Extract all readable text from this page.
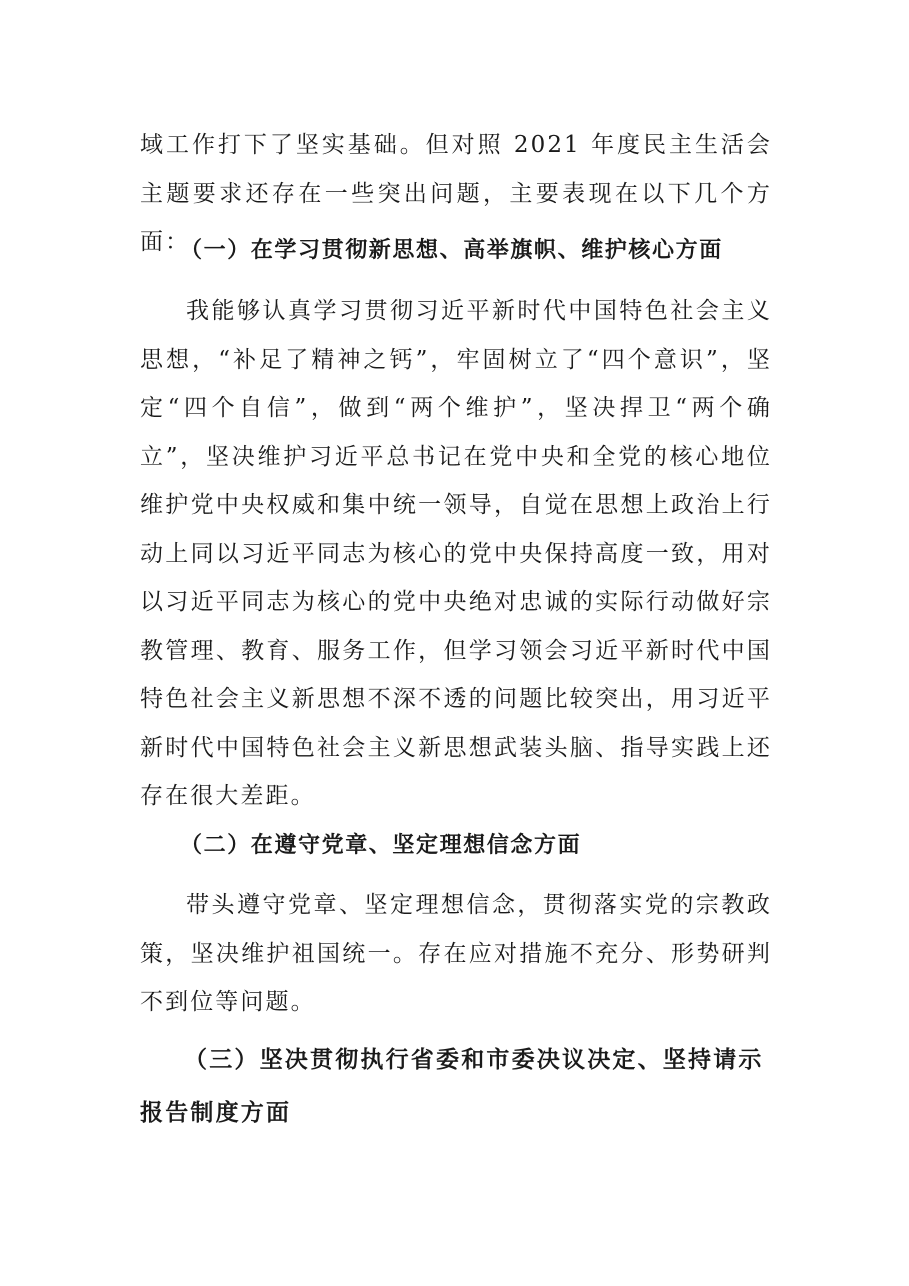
域工作打下了坚实基础。但对照 2021 年度民主生活会主题要求还存在一些突出问题，主要表现在以下几个方面：

（一）在学习贯彻新思想、高举旗帜、维护核心方面

我能够认真学习贯彻习近平新时代中国特色社会主义思想，“补足了精神之钙”，牢固树立了“四个意识”，坚定“四个自信”，做到“两个维护”，坚决捍卫“两个确立”，坚决维护习近平总书记在党中央和全党的核心地位维护党中央权威和集中统一领导，自觉在思想上政治上行动上同以习近平同志为核心的党中央保持高度一致，用对以习近平同志为核心的党中央绝对忠诚的实际行动做好宗教管理、教育、服务工作，但学习领会习近平新时代中国特色社会主义新思想不深不透的问题比较突出，用习近平新时代中国特色社会主义新思想武装头脑、指导实践上还存在很大差距。

（二）在遵守党章、坚定理想信念方面

带头遵守党章、坚定理想信念，贯彻落实党的宗教政策，坚决维护祖国统一。存在应对措施不充分、形势研判不到位等问题。

（三）坚决贯彻执行省委和市委决议决定、坚持请示报告制度方面
